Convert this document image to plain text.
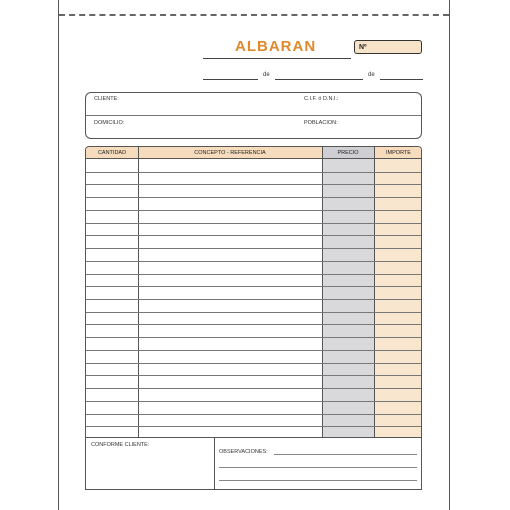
ALBARAN	Nº
de	de
CLIENTE:	C.I.F. ó D.N.I.:
DOMICILIO:	POBLACION:
CANTIDAD	CONCEPTO - REFERENCIA	PRECIO	IMPORTE
CONFORME CLIENTE:
OBSERVACIONES:
